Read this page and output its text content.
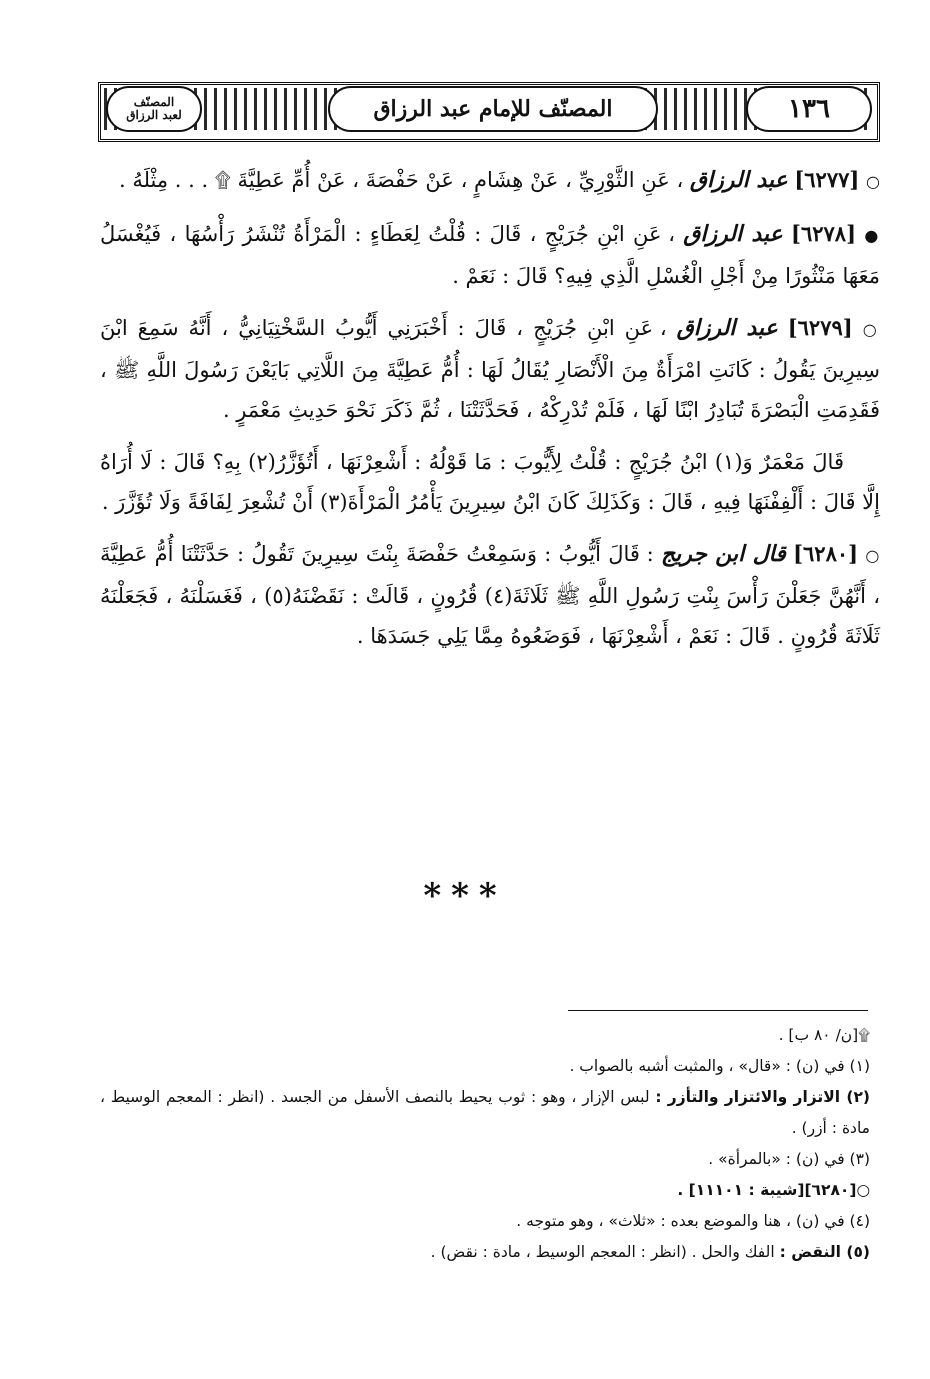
المصنّف
لعبد الرزاق	المصنّف للإمام عبد الرزاق	١٣٦

○ [٦٢٧٧] عبد الرزاق ، عَنِ الثَّوْرِيِّ ، عَنْ هِشَامٍ ، عَنْ حَفْصَةَ ، عَنْ أُمِّ عَطِيَّةَ ۩ . . . مِثْلَهُ .

● [٦٢٧٨] عبد الرزاق ، عَنِ ابْنِ جُرَيْجٍ ، قَالَ : قُلْتُ لِعَطَاءٍ : الْمَرْأَةُ تُنْشَرُ رَأْسُهَا ، فَيُغْسَلُ مَعَهَا مَنْثُورًا مِنْ أَجْلِ الْغُسْلِ الَّذِي فِيهِ؟ قَالَ : نَعَمْ .

○ [٦٢٧٩] عبد الرزاق ، عَنِ ابْنِ جُرَيْجٍ ، قَالَ : أَخْبَرَنِي أَيُّوبُ السَّخْتِيَانِيُّ ، أَنَّهُ سَمِعَ ابْنَ سِيرِينَ يَقُولُ : كَانَتِ امْرَأَةٌ مِنَ الْأَنْصَارِ يُقَالُ لَهَا : أُمُّ عَطِيَّةَ مِنَ اللَّاتِي بَايَعْنَ رَسُولَ اللَّهِ ﷺ ، فَقَدِمَتِ الْبَصْرَةَ تُبَادِرُ ابْنًا لَهَا ، فَلَمْ تُدْرِكْهُ ، فَحَدَّثَتْنَا ، ثُمَّ ذَكَرَ نَحْوَ حَدِيثِ مَعْمَرٍ .

قَالَ مَعْمَرٌ وَ(١) ابْنُ جُرَيْجٍ : قُلْتُ لِأَيُّوبَ : مَا قَوْلُهُ : أَشْعِرْنَهَا ، أَتُؤَزَّرُ(٢) بِهِ؟ قَالَ : لَا أُرَاهُ إِلَّا قَالَ : أَلْفِفْنَهَا فِيهِ ، قَالَ : وَكَذَلِكَ كَانَ ابْنُ سِيرِينَ يَأْمُرُ الْمَرْأَةَ(٣) أَنْ تُشْعِرَ لِفَافَةً وَلَا تُؤَزَّرَ .

○ [٦٢٨٠] قال ابن جريج : قَالَ أَيُّوبُ : وَسَمِعْتُ حَفْصَةَ بِنْتَ سِيرِينَ تَقُولُ : حَدَّثَتْنَا أُمُّ عَطِيَّةَ ، أَنَّهُنَّ جَعَلْنَ رَأْسَ بِنْتِ رَسُولِ اللَّهِ ﷺ ثَلَاثَةَ(٤) قُرُونٍ ، قَالَتْ : نَقَضْنَهُ(٥) ، فَغَسَلْنَهُ ، فَجَعَلْنَهُ ثَلَاثَةَ قُرُونٍ . قَالَ : نَعَمْ ، أَشْعِرْنَهَا ، فَوَضَعُوهُ مِمَّا يَلِي جَسَدَهَا .

***

۩[ن/ ٨٠ ب] .

(١) في (ن) : «قال» ، والمثبت أشبه بالصواب .

(٢) الاتزار والائتزار والتأزر : لبس الإزار ، وهو : ثوب يحيط بالنصف الأسفل من الجسد . (انظر : المعجم الوسيط ، مادة : أزر) .

(٣) في (ن) : «بالمرأة» .

○[٦٢٨٠][شيبة : ١١١٠١] .

(٤) في (ن) ، هنا والموضع بعده : «ثلاث» ، وهو متوجه .

(٥) النقض : الفك والحل . (انظر : المعجم الوسيط ، مادة : نقض) .
